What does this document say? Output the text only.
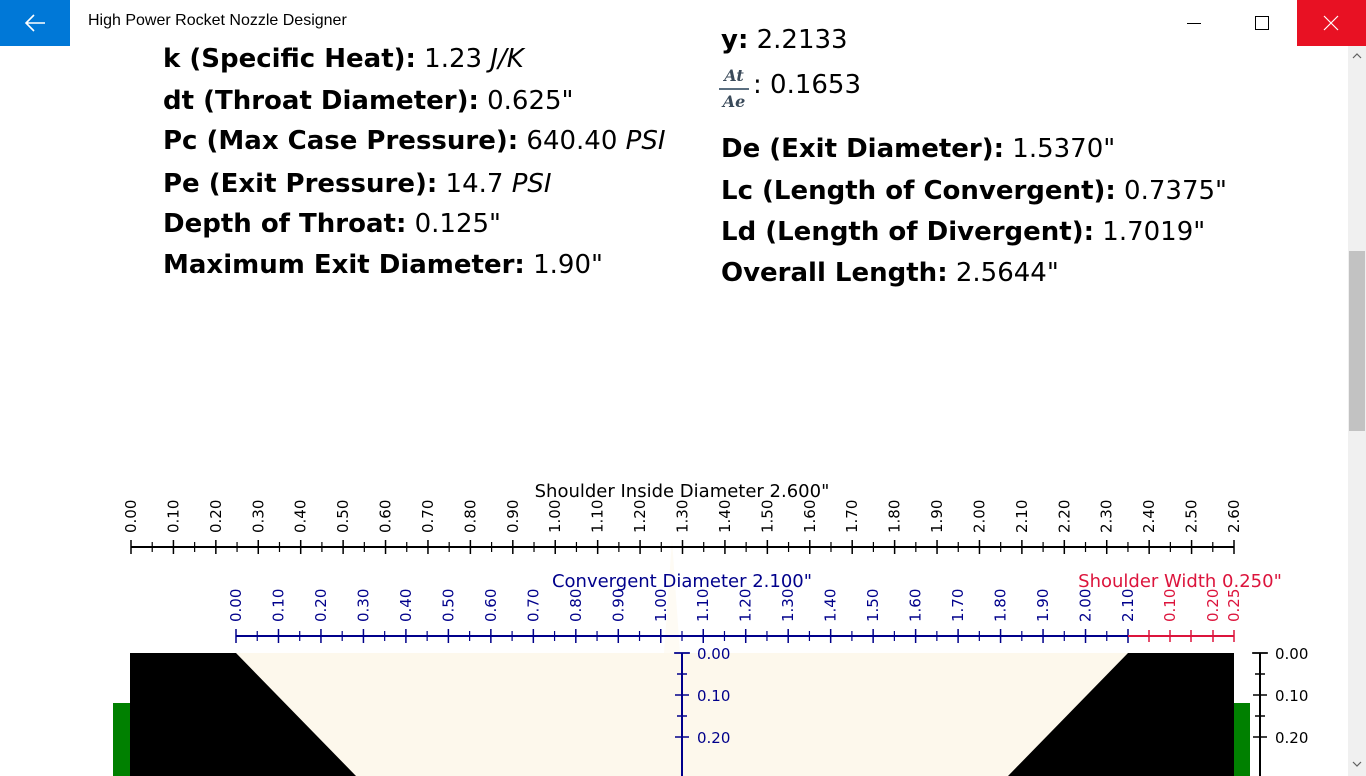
High Power Rocket Nozzle Designer
k (Specific Heat): 1.23 J/K
dt (Throat Diameter): 0.625"
Pc (Max Case Pressure): 640.40 PSI
Pe (Exit Pressure): 14.7 PSI
Depth of Throat: 0.125"
Maximum Exit Diameter: 1.90"
y: 2.2133
At
Ae
: 0.1653
De (Exit Diameter): 1.5370"
Lc (Length of Convergent): 0.7375"
Ld (Length of Divergent): 1.7019"
Overall Length: 2.5644"
Shoulder Inside Diameter 2.600"
Convergent Diameter 2.100"	Shoulder Width 0.250"
0.00 0.10 0.20 0.30 0.40 0.50 0.60 0.70 0.80 0.90 1.00 1.10 1.20 1.30 1.40 1.50 1.60 1.70 1.80 1.90 2.00 2.10 2.20 2.30 2.40 2.50 2.60
0.00 0.10 0.20 0.30 0.40 0.50 0.60 0.70 0.80 0.90 1.00 1.10 1.20 1.30 1.40 1.50 1.60 1.70 1.80 1.90 2.00 2.10 0.10 0.20 0.25
0.00
0.10
0.20
0.00
0.10
0.20
